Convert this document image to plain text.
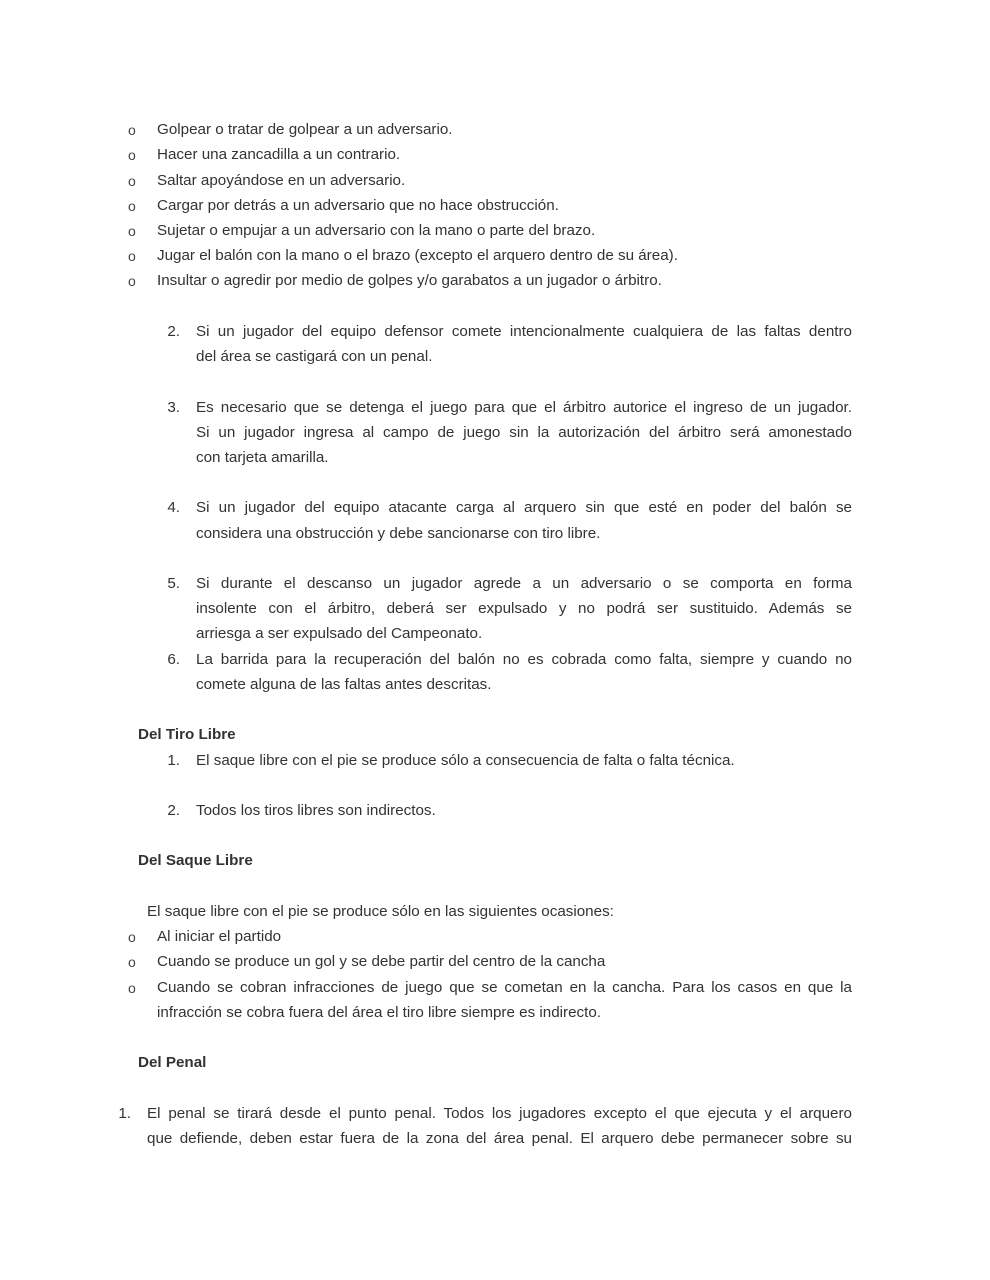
o Golpear o tratar de golpear a un adversario.
o Hacer una zancadilla a un contrario.
o Saltar apoyándose en un adversario.
o Cargar por detrás a un adversario que no hace obstrucción.
o Sujetar o empujar a un adversario con la mano o parte del brazo.
o Jugar el balón con la mano o el brazo (excepto el arquero dentro de su área).
o Insultar o agredir por medio de golpes y/o garabatos a un jugador o árbitro.
2. Si un jugador del equipo defensor comete intencionalmente cualquiera de las faltas dentro
del área se castigará con un penal.
3. Es necesario que se detenga el juego para que el árbitro autorice el ingreso de un jugador.
Si un jugador ingresa al campo de juego sin la autorización del árbitro será amonestado
con tarjeta amarilla.
4. Si un jugador del equipo atacante carga al arquero sin que esté en poder del balón se
considera una obstrucción y debe sancionarse con tiro libre.
5. Si durante el descanso un jugador agrede a un adversario o se comporta en forma
insolente con el árbitro, deberá ser expulsado y no podrá ser sustituido. Además se
arriesga a ser expulsado del Campeonato.
6. La barrida para la recuperación del balón no es cobrada como falta, siempre y cuando no
comete alguna de las faltas antes descritas.
Del Tiro Libre
1. El saque libre con el pie se produce sólo a consecuencia de falta o falta técnica.
2. Todos los tiros libres son indirectos.
Del Saque Libre
El saque libre con el pie se produce sólo en las siguientes ocasiones:
o Al iniciar el partido
o Cuando se produce un gol y se debe partir del centro de la cancha
o Cuando se cobran infracciones de juego que se cometan en la cancha. Para los casos en que la
infracción se cobra fuera del área el tiro libre siempre es indirecto.
Del Penal
1. El penal se tirará desde el punto penal. Todos los jugadores excepto el que ejecuta y el arquero
que defiende, deben estar fuera de la zona del área penal. El arquero debe permanecer sobre su
